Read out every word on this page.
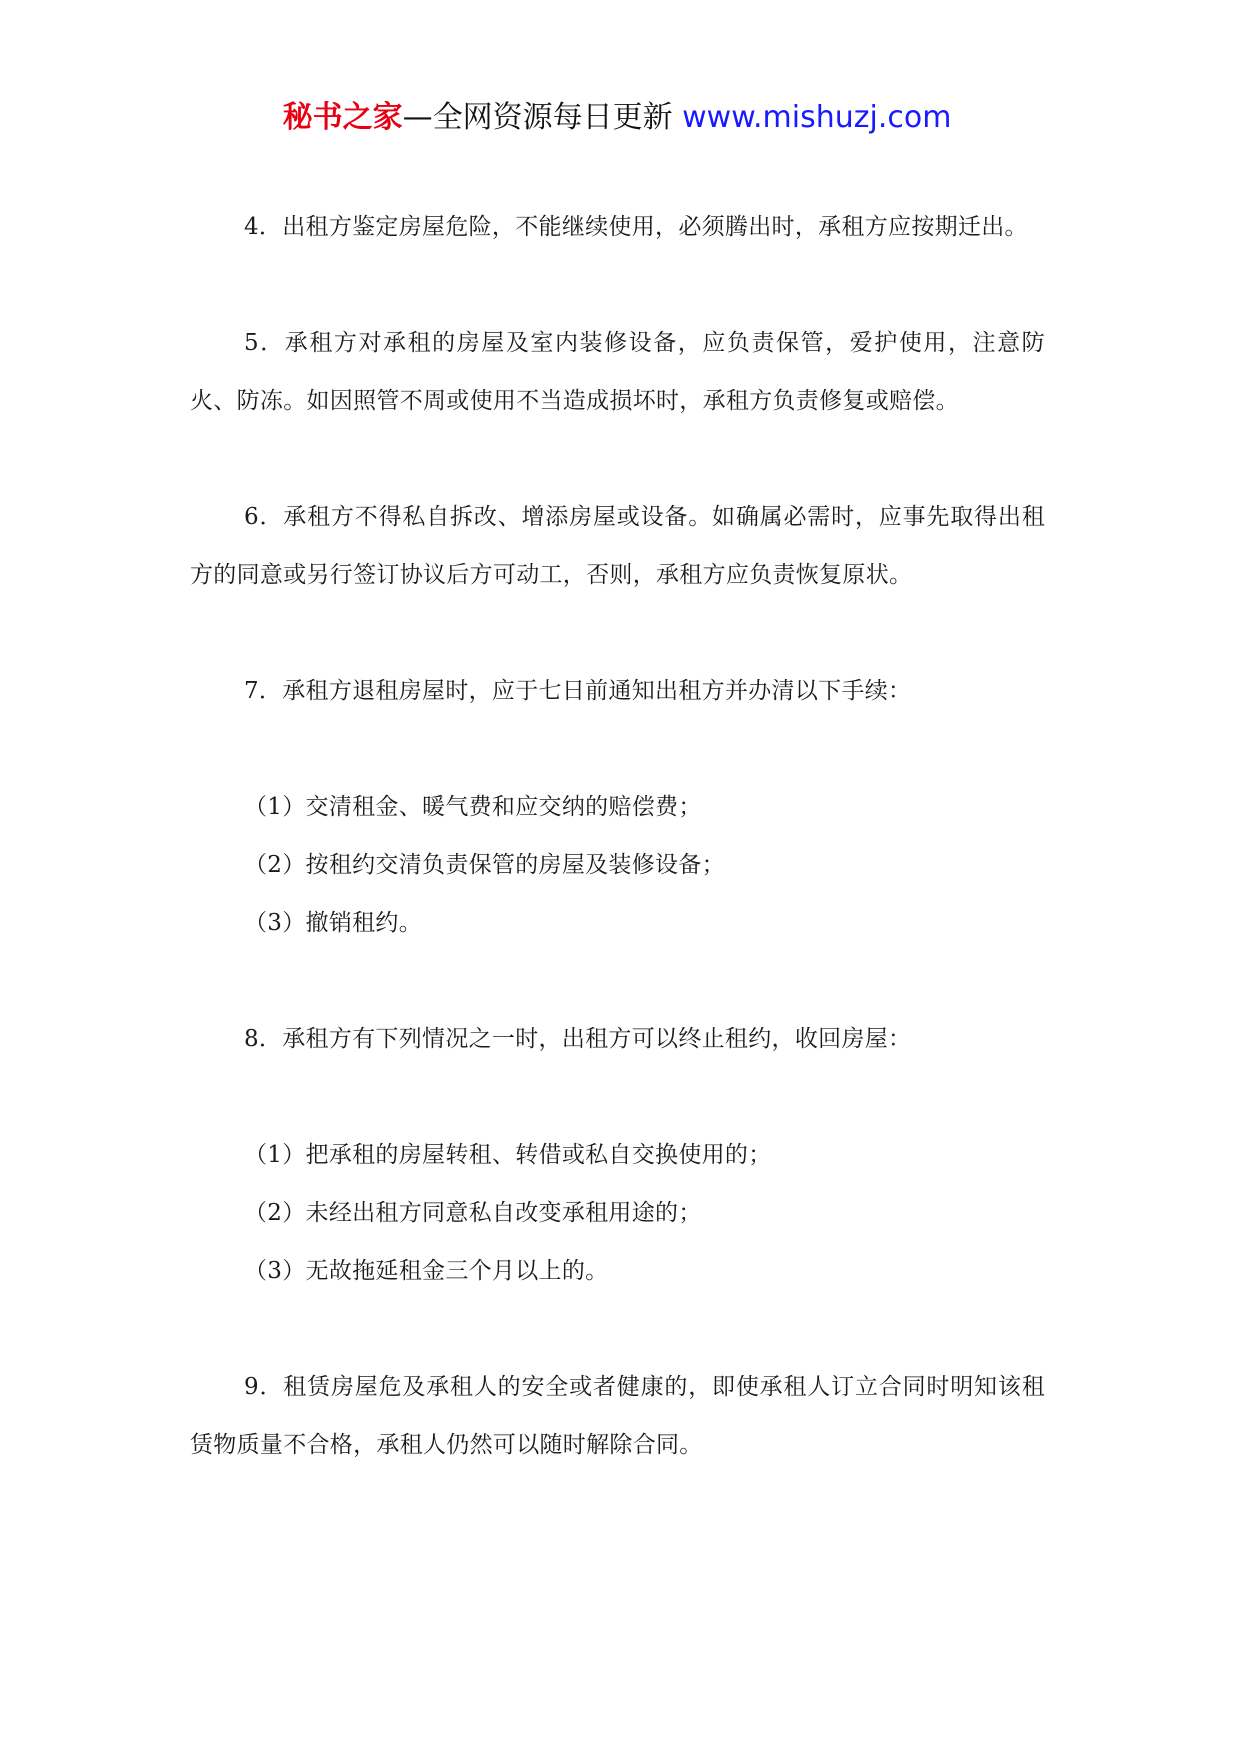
秘书之家—全网资源每日更新 www.mishuzj.com

4．出租方鉴定房屋危险，不能继续使用，必须腾出时，承租方应按期迁出。

5．承租方对承租的房屋及室内装修设备，应负责保管，爱护使用，注意防火、防冻。如因照管不周或使用不当造成损坏时，承租方负责修复或赔偿。

6．承租方不得私自拆改、增添房屋或设备。如确属必需时，应事先取得出租方的同意或另行签订协议后方可动工，否则，承租方应负责恢复原状。

7．承租方退租房屋时，应于七日前通知出租方并办清以下手续：

（1）交清租金、暖气费和应交纳的赔偿费；
（2）按租约交清负责保管的房屋及装修设备；
（3）撤销租约。

8．承租方有下列情况之一时，出租方可以终止租约，收回房屋：

（1）把承租的房屋转租、转借或私自交换使用的；
（2）未经出租方同意私自改变承租用途的；
（3）无故拖延租金三个月以上的。

9．租赁房屋危及承租人的安全或者健康的，即使承租人订立合同时明知该租赁物质量不合格，承租人仍然可以随时解除合同。
